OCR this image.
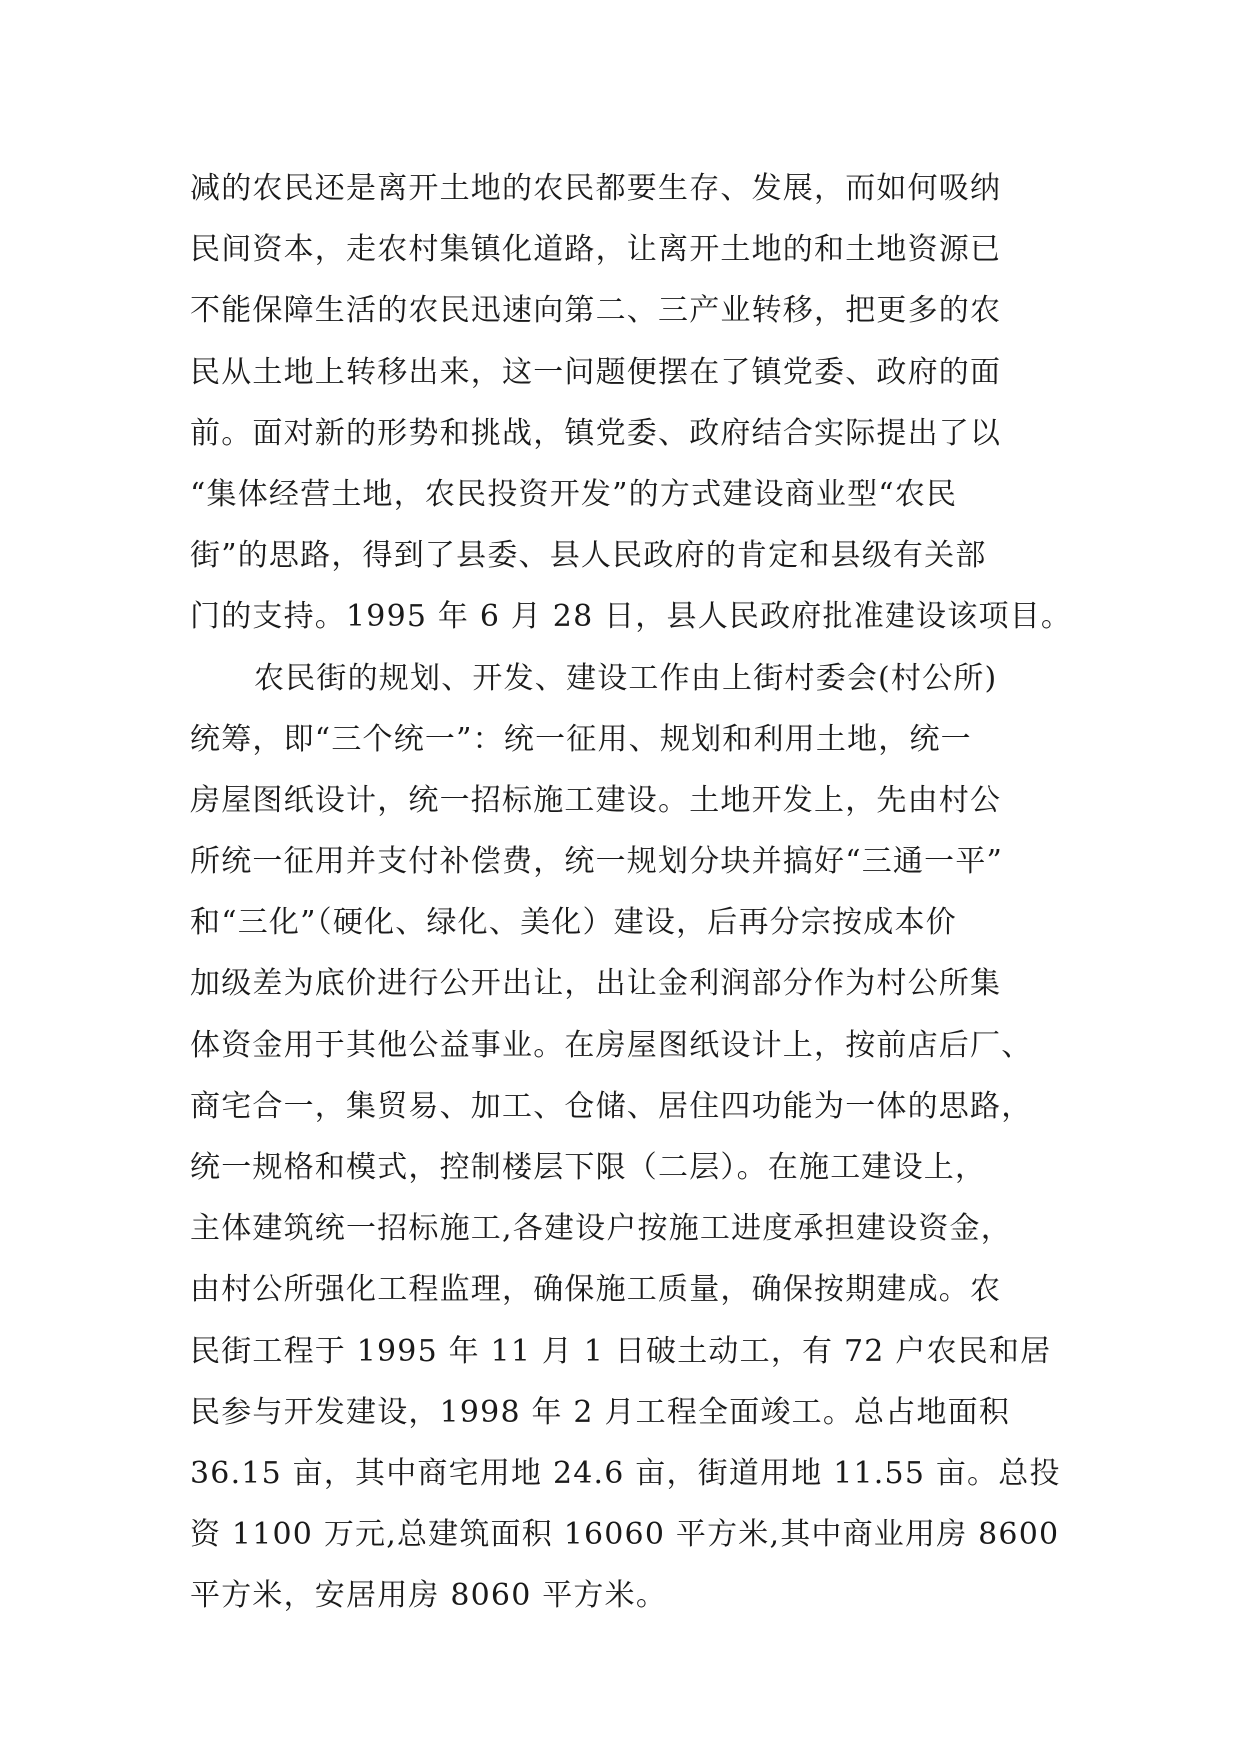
减的农民还是离开土地的农民都要生存、发展，而如何吸纳
民间资本，走农村集镇化道路，让离开土地的和土地资源已
不能保障生活的农民迅速向第二、三产业转移，把更多的农
民从土地上转移出来，这一问题便摆在了镇党委、政府的面
前。面对新的形势和挑战，镇党委、政府结合实际提出了以
“集体经营土地，农民投资开发”的方式建设商业型“农民
街”的思路，得到了县委、县人民政府的肯定和县级有关部
门的支持。1995 年 6 月 28 日，县人民政府批准建设该项目。
农民街的规划、开发、建设工作由上街村委会(村公所)
统筹，即“三个统一”：统一征用、规划和利用土地，统一
房屋图纸设计，统一招标施工建设。土地开发上，先由村公
所统一征用并支付补偿费，统一规划分块并搞好“三通一平”
和“三化”（硬化、绿化、美化）建设，后再分宗按成本价
加级差为底价进行公开出让，出让金利润部分作为村公所集
体资金用于其他公益事业。在房屋图纸设计上，按前店后厂、
商宅合一，集贸易、加工、仓储、居住四功能为一体的思路，
统一规格和模式，控制楼层下限（二层）。在施工建设上，
主体建筑统一招标施工,各建设户按施工进度承担建设资金，
由村公所强化工程监理，确保施工质量，确保按期建成。农
民街工程于 1995 年 11 月 1 日破土动工，有 72 户农民和居
民参与开发建设，1998 年 2 月工程全面竣工。总占地面积
36.15 亩，其中商宅用地 24.6 亩，街道用地 11.55 亩。总投
资 1100 万元,总建筑面积 16060 平方米,其中商业用房 8600
平方米，安居用房 8060 平方米。
